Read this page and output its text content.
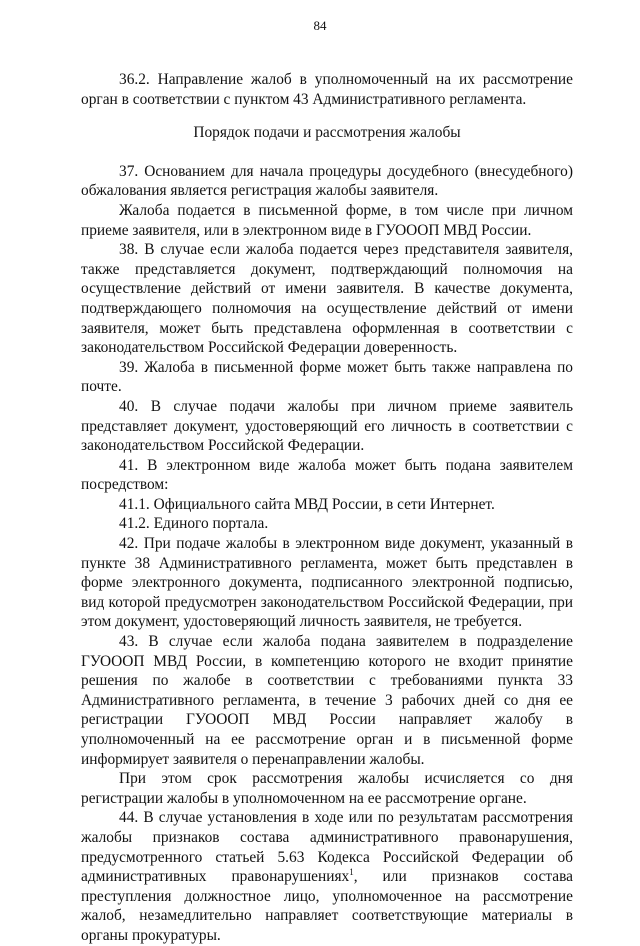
84

36.2. Направление жалоб в уполномоченный на их рассмотрение орган в соответствии с пунктом 43 Административного регламента.

Порядок подачи и рассмотрения жалобы

37. Основанием для начала процедуры досудебного (внесудебного) обжалования является регистрация жалобы заявителя.

Жалоба подается в письменной форме, в том числе при личном приеме заявителя, или в электронном виде в ГУОООП МВД России.

38. В случае если жалоба подается через представителя заявителя, также представляется документ, подтверждающий полномочия на осуществление действий от имени заявителя. В качестве документа, подтверждающего полномочия на осуществление действий от имени заявителя, может быть представлена оформленная в соответствии с законодательством Российской Федерации доверенность.

39. Жалоба в письменной форме может быть также направлена по почте.

40. В случае подачи жалобы при личном приеме заявитель представляет документ, удостоверяющий его личность в соответствии с законодательством Российской Федерации.

41. В электронном виде жалоба может быть подана заявителем посредством:

41.1. Официального сайта МВД России, в сети Интернет.

41.2. Единого портала.

42. При подаче жалобы в электронном виде документ, указанный в пункте 38 Административного регламента, может быть представлен в форме электронного документа, подписанного электронной подписью, вид которой предусмотрен законодательством Российской Федерации, при этом документ, удостоверяющий личность заявителя, не требуется.

43. В случае если жалоба подана заявителем в подразделение ГУОООП МВД России, в компетенцию которого не входит принятие решения по жалобе в соответствии с требованиями пункта 33 Административного регламента, в течение 3 рабочих дней со дня ее регистрации ГУОООП МВД России направляет жалобу в уполномоченный на ее рассмотрение орган и в письменной форме информирует заявителя о перенаправлении жалобы.

При этом срок рассмотрения жалобы исчисляется со дня регистрации жалобы в уполномоченном на ее рассмотрение органе.

44. В случае установления в ходе или по результатам рассмотрения жалобы признаков состава административного правонарушения, предусмотренного статьей 5.63 Кодекса Российской Федерации об административных правонарушениях$^1$, или признаков состава преступления должностное лицо, уполномоченное на рассмотрение жалоб, незамедлительно направляет соответствующие материалы в органы прокуратуры.
